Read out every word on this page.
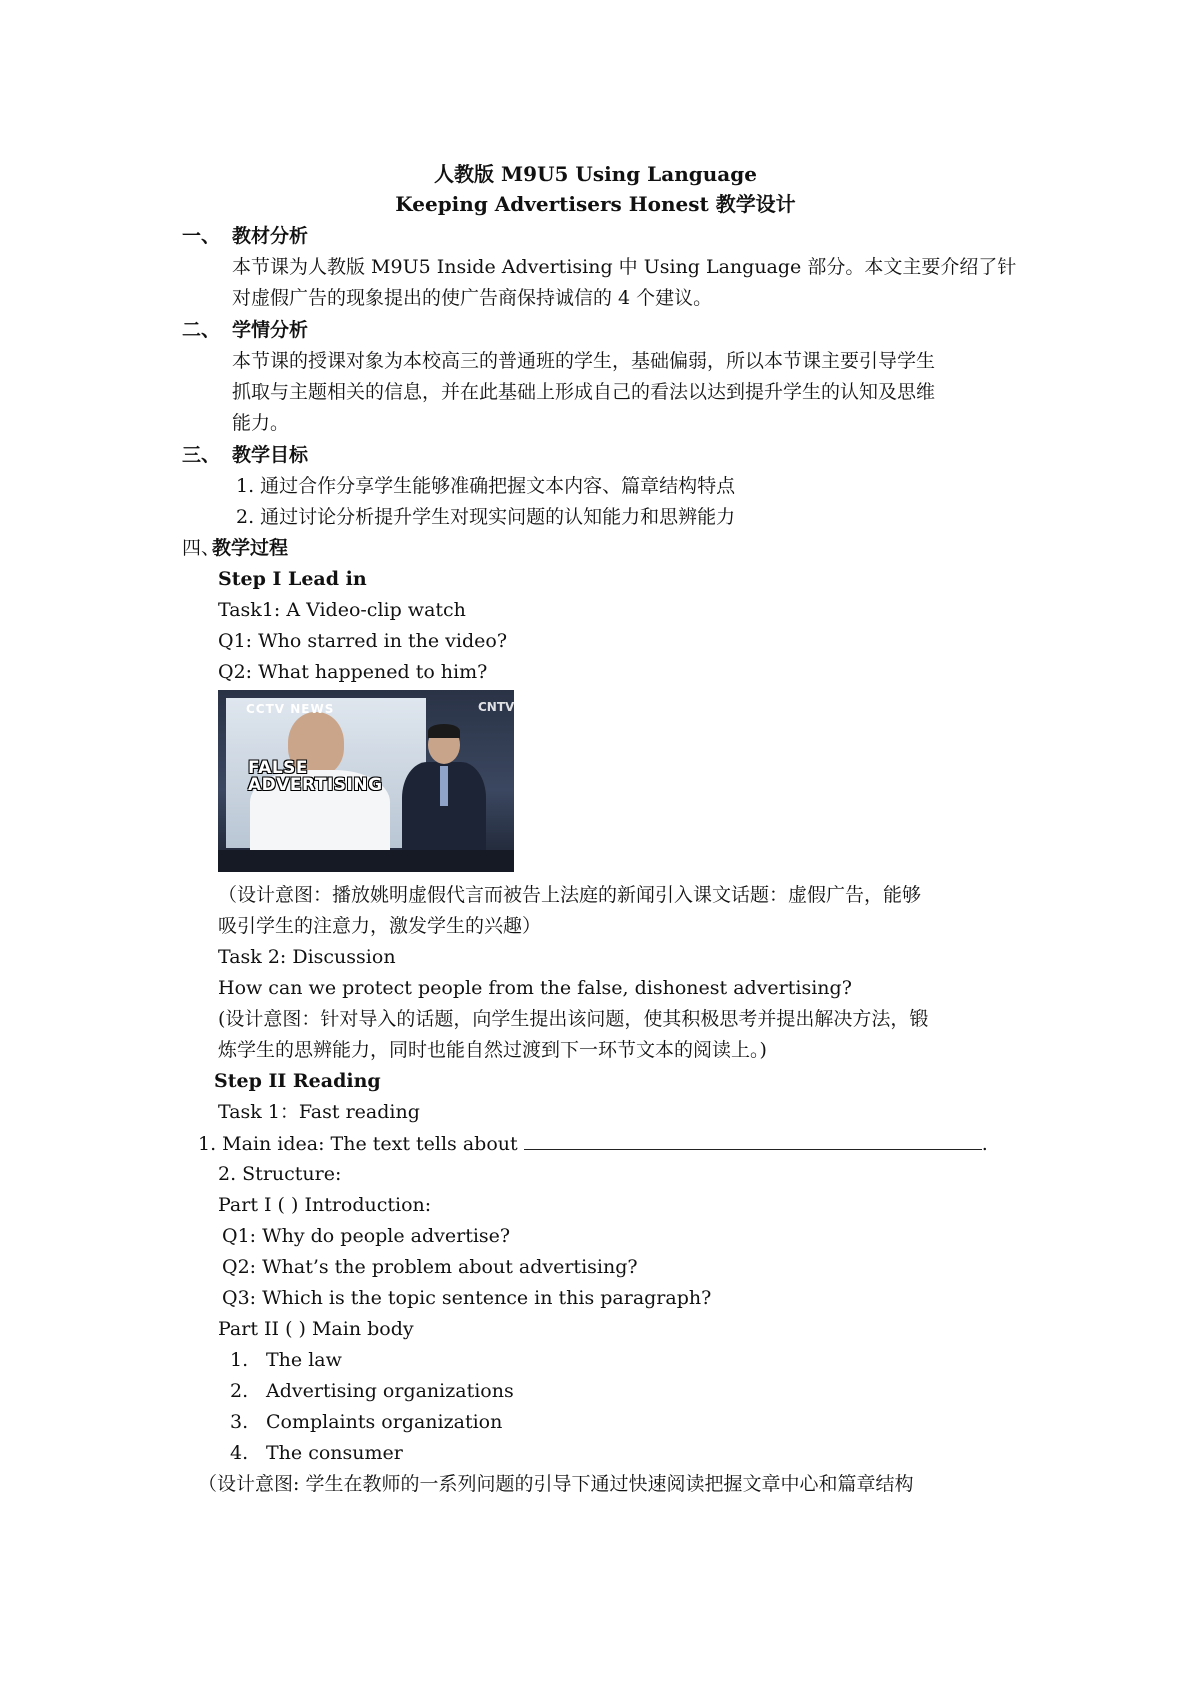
人教版 M9U5 Using Language
Keeping Advertisers Honest 教学设计
一、 教材分析
本节课为人教版 M9U5 Inside Advertising 中 Using Language 部分。本文主要介绍了针
对虚假广告的现象提出的使广告商保持诚信的 4 个建议。
二、 学情分析
本节课的授课对象为本校高三的普通班的学生，基础偏弱，所以本节课主要引导学生
抓取与主题相关的信息，并在此基础上形成自己的看法以达到提升学生的认知及思维
能力。
三、 教学目标
1. 通过合作分享学生能够准确把握文本内容、篇章结构特点
2. 通过讨论分析提升学生对现实问题的认知能力和思辨能力
四、
教学过程
Step I Lead in
Task1: A Video-clip watch
Q1: Who starred in the video?
Q2: What happened to him?
CCTV NEWS	CNTV
FALSE
ADVERTISING
（设计意图：播放姚明虚假代言而被告上法庭的新闻引入课文话题：虚假广告，能够
吸引学生的注意力，激发学生的兴趣）
Task 2: Discussion
How can we protect people from the false, dishonest advertising?
(设计意图：针对导入的话题，向学生提出该问题，使其积极思考并提出解决方法，锻
炼学生的思辨能力，同时也能自然过渡到下一环节文本的阅读上。)
Step II Reading
Task 1：Fast reading
1. Main idea: The text tells about	.
2. Structure:
Part I ( ) Introduction:
Q1: Why do people advertise?
Q2: What’s the problem about advertising?
Q3: Which is the topic sentence in this paragraph?
Part II ( ) Main body
1. The law
2. Advertising organizations
3. Complaints organization
4. The consumer
（设计意图: 学生在教师的一系列问题的引导下通过快速阅读把握文章中心和篇章结构
